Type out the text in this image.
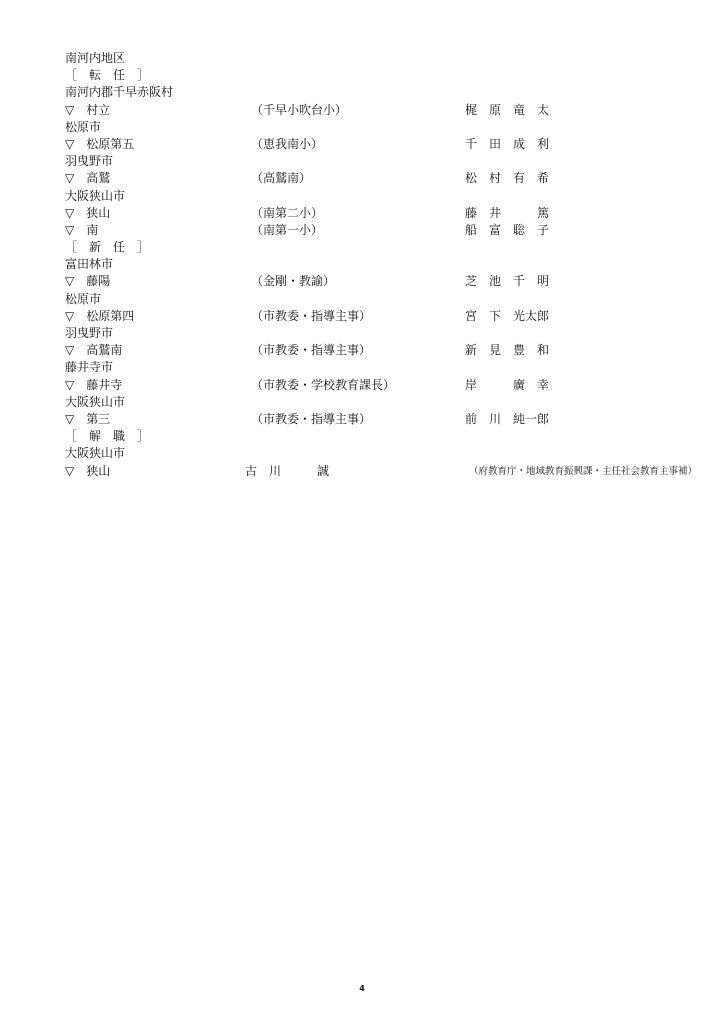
南河内地区
［　転　任　］
南河内郡千早赤阪村
▽　村立	（千早小吹台小）	梶　原　竜　太
松原市
▽　松原第五	（恵我南小）	千　田　成　利
羽曳野市
▽　高鷲	（高鷲南）	松　村　有　希
大阪狭山市
▽　狭山	（南第二小）	藤　井　　　篤
▽　南	（南第一小）	船　富　聡　子
［　新　任　］
富田林市
▽　藤陽	（金剛・教諭）	芝　池　千　明
松原市
▽　松原第四	（市教委・指導主事）	宮　下　光太郎
羽曳野市
▽　高鷲南	（市教委・指導主事）	新　見　豊　和
藤井寺市
▽　藤井寺	（市教委・学校教育課長）	岸　　　廣　幸
大阪狭山市
▽　第三	（市教委・指導主事）	前　川　純一郎
［　解　職　］
大阪狭山市
▽　狭山	古　川　　　誠	（府教育庁・地域教育振興課・主任社会教育主事補）
4
